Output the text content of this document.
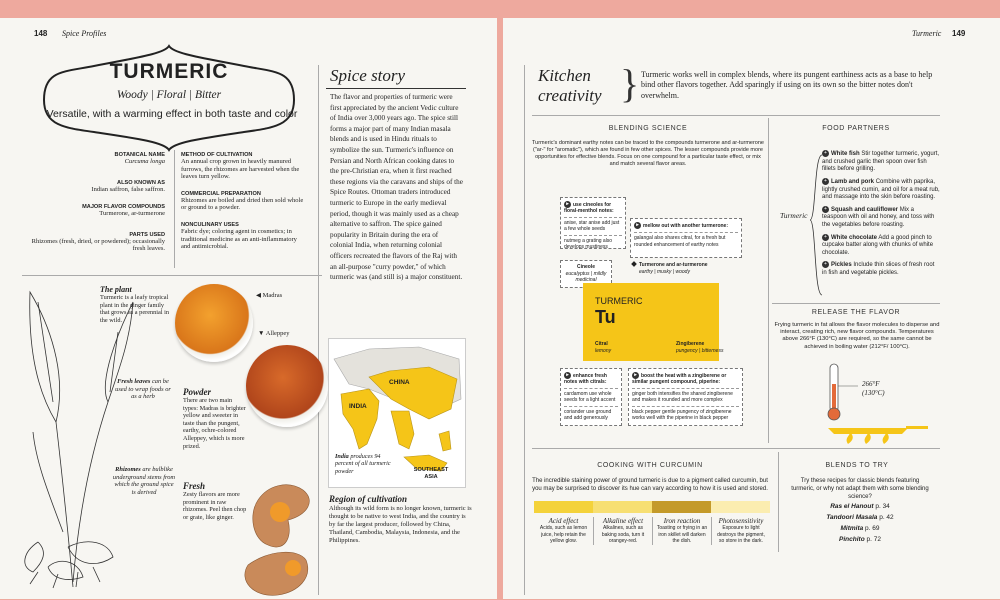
148 Spice Profiles
TURMERIC
Woody | Floral | Bitter
Versatile, with a warming effect in both taste and color
BOTANICAL NAME
Curcuma longa
ALSO KNOWN AS
Indian saffron, false saffron.
MAJOR FLAVOR COMPOUNDS
Turmerone, ar-turmerone
PARTS USED
Rhizomes (fresh, dried, or powdered); occasionally fresh leaves.
METHOD OF CULTIVATION
An annual crop grown in heavily manured furrows, the rhizomes are harvested when the leaves turn yellow.
COMMERCIAL PREPARATION
Rhizomes are boiled and dried then sold whole or ground to a powder.
NONCULINARY USES
Fabric dye; coloring agent in cosmetics; in traditional medicine as an anti-inflammatory and antimicrobial.
Spice story
The flavor and properties of turmeric were first appreciated by the ancient Vedic culture of India over 3,000 years ago. The spice still forms a major part of many Indian masala blends and is used in Hindu rituals to symbolize the sun. Turmeric's influence on Persian and North African cooking dates to the pre-Christian era, when it first reached these regions via the caravans and ships of the Spice Routes. Ottoman traders introduced turmeric to Europe in the early medieval period, though it was mainly used as a cheap alternative to saffron. The spice gained popularity in Britain during the era of colonial India, when returning colonial officers recreated the flavors of the Raj with an all-purpose "curry powder," of which turmeric was (and still is) a major constituent.
The plant
Turmeric is a leafy tropical plant in the ginger family that grows as a perennial in the wild.
Fresh leaves can be used to wrap foods or as a herb
Rhizomes are bulblike underground stems from which the ground spice is derived
◀ Madras
▼ Alleppey
Powder
There are two main types: Madras is brighter yellow and sweeter in taste than the pungent, earthy, ochre-colored Alleppey, which is more prized.
Fresh
Zesty flavors are more prominent in raw rhizomes. Peel then chop or grate, like ginger.
CHINA
INDIA
SOUTHEAST ASIA
India produces 94 percent of all turmeric powder
Region of cultivation
Although its wild form is no longer known, turmeric is thought to be native to west India, and the country is by far the largest producer, followed by China, Thailand, Cambodia, Malaysia, Indonesia, and the Philippines.
Turmeric 149
Kitchen
creativity } Turmeric works well in complex blends, where its pungent earthiness acts as a base to help bind other flavors together. Add sparingly if using on its own so the bitter notes don't overwhelm.
BLENDING SCIENCE
Turmeric's dominant earthy notes can be traced to the compounds turmerone and ar-turmerone ("ar-" for "aromatic"), which are found in few other spices. The lesser compounds provide more opportunities for effective blends. Focus on one compound for a particular taste effect, or mix and match several flavor areas.
▸ use cineoles for floral-menthol notes:
anise, star anise add just a few whole seeds
nutmeg a grating also develops mustiness
▸ mellow out with another turmerone:
galangal also shares citral, for a fresh but rounded enhancement of earthy notes
Cineole
eucalyptus | mildly medicinal
Turmerone and ar-turmerone
earthy | musky | woody
TURMERIC
Tu
Citral
lemony
Zingiberene
pungency | bitterness
▸ enhance fresh notes with citrals:
cardamom use whole seeds for a light accent
coriander use ground and add generously
▸ boost the heat with a zingiberene or similar pungent compound, piperine:
ginger both intensifies the shared zingiberene and makes it rounded and more complex
black pepper gentle pungency of zingiberene works well with the piperine in black pepper
FOOD PARTNERS
Turmeric
+ White fish Stir together turmeric, yogurt, and crushed garlic then spoon over fish fillets before grilling.
+ Lamb and pork Combine with paprika, lightly crushed cumin, and oil for a meat rub, and massage into the skin before roasting.
+ Squash and cauliflower Mix a teaspoon with oil and honey, and toss with the vegetables before roasting.
+ White chocolate Add a good pinch to cupcake batter along with chunks of white chocolate.
+ Pickles Include thin slices of fresh root in fish and vegetable pickles.
RELEASE THE FLAVOR
Frying turmeric in fat allows the flavor molecules to disperse and interact, creating rich, new flavor compounds. Temperatures above 266°F (130°C) are required, so the same cannot be achieved in boiling water (212°F/ 100°C).
266°F
(130°C)
COOKING WITH CURCUMIN
The incredible staining power of ground turmeric is due to a pigment called curcumin, but you may be surprised to discover its hue can vary according to how it is used and stored.
Acid effect
Acids, such as lemon juice, help retain the yellow glow.
Alkaline effect
Alkalines, such as baking soda, turn it orangey-red.
Iron reaction
Toasting or frying in an iron skillet will darken the dish.
Photosensitivity
Exposure to light destroys the pigment, so store in the dark.
BLENDS TO TRY
Try these recipes for classic blends featuring turmeric, or why not adapt them with some blending science?
Ras el Hanout p. 34
Tandoori Masala p. 42
Mitmita p. 69
Pinchito p. 72
